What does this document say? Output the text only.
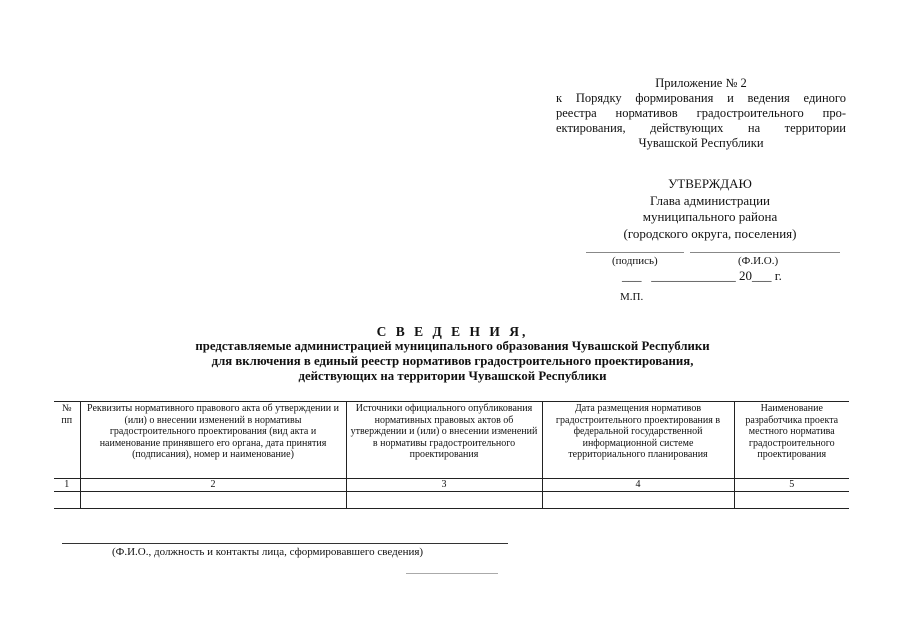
Приложение № 2
к Порядку формирования и ведения единого
реестра нормативов градостроительного про-
ектирования, действующих на территории
Чувашской Республики
УТВЕРЖДАЮ
Глава администрации
муниципального района
(городского округа, поселения)
(подпись)	(Ф.И.О.)
___   _____________ 20___ г.
М.П.
С В Е Д Е Н И Я,
представляемые администрацией муниципального образования Чувашской Республики
для включения в единый реестр нормативов градостроительного проектирования,
действующих на территории Чувашской Республики
№ пп	Реквизиты нормативного правового акта об утверждении и (или) о внесении изменений в нормативы градостроительного проектирования (вид акта и наименование принявшего его органа, дата принятия (подписания), номер и наименование)	Источники официального опубликования нормативных правовых актов об утверждении и (или) о внесении изменений в нормативы градостроительного проектирования	Дата размещения нормативов градостроительного проектирования в федеральной государственной информационной системе территориального планирования	Наименование разработчика проекта местного норматива градостроительного проектирования
1	2	3	4	5

(Ф.И.О., должность и контакты лица, сформировавшего сведения)
